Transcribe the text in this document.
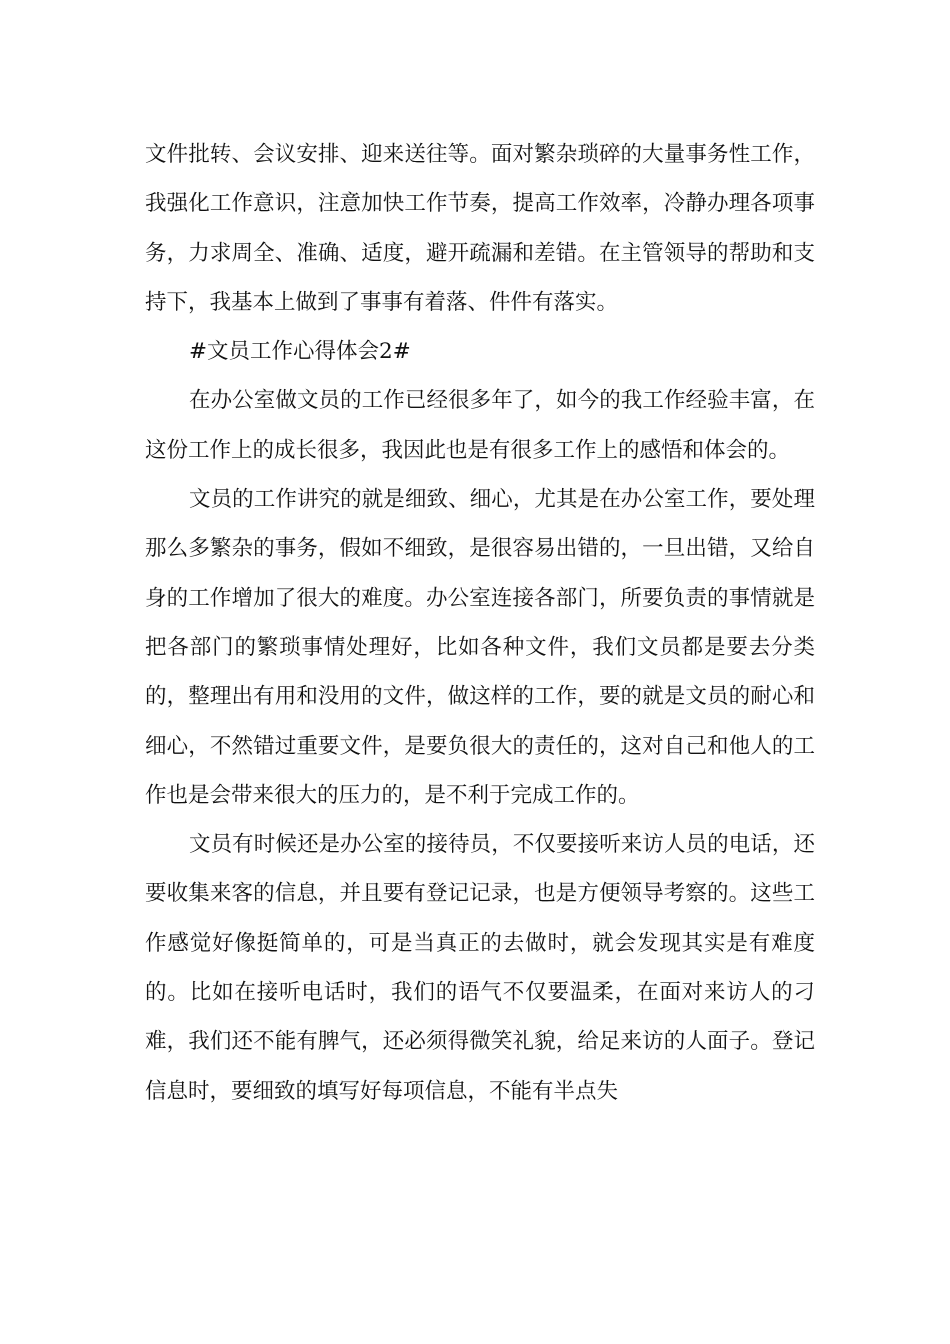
文件批转、会议安排、迎来送往等。面对繁杂琐碎的大量事务性工作，我强化工作意识，注意加快工作节奏，提高工作效率，冷静办理各项事务，力求周全、准确、适度，避开疏漏和差错。在主管领导的帮助和支持下，我基本上做到了事事有着落、件件有落实。

#文员工作心得体会2#

在办公室做文员的工作已经很多年了，如今的我工作经验丰富，在这份工作上的成长很多，我因此也是有很多工作上的感悟和体会的。

文员的工作讲究的就是细致、细心，尤其是在办公室工作，要处理那么多繁杂的事务，假如不细致，是很容易出错的，一旦出错，又给自身的工作增加了很大的难度。办公室连接各部门，所要负责的事情就是把各部门的繁琐事情处理好，比如各种文件，我们文员都是要去分类的，整理出有用和没用的文件，做这样的工作，要的就是文员的耐心和细心，不然错过重要文件，是要负很大的责任的，这对自己和他人的工作也是会带来很大的压力的，是不利于完成工作的。

文员有时候还是办公室的接待员，不仅要接听来访人员的电话，还要收集来客的信息，并且要有登记记录，也是方便领导考察的。这些工作感觉好像挺简单的，可是当真正的去做时，就会发现其实是有难度的。比如在接听电话时，我们的语气不仅要温柔，在面对来访人的刁难，我们还不能有脾气，还必须得微笑礼貌，给足来访的人面子。登记信息时，要细致的填写好每项信息，不能有半点失
